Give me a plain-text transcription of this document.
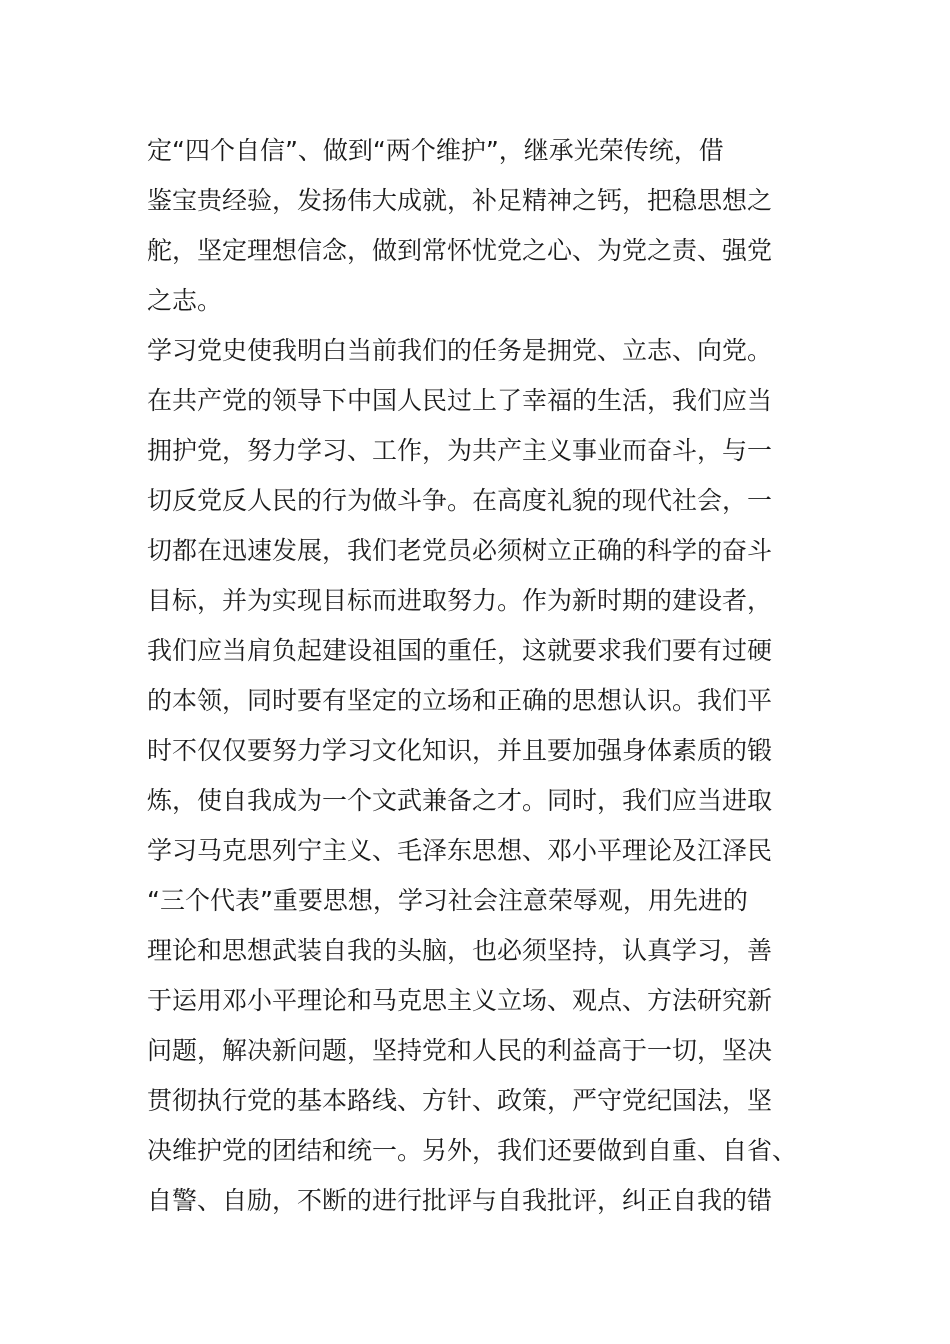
定“四个自信”、做到“两个维护”，继承光荣传统，借
鉴宝贵经验，发扬伟大成就，补足精神之钙，把稳思想之
舵，坚定理想信念，做到常怀忧党之心、为党之责、强党
之志。
学习党史使我明白当前我们的任务是拥党、立志、向党。
在共产党的领导下中国人民过上了幸福的生活，我们应当
拥护党，努力学习、工作，为共产主义事业而奋斗，与一
切反党反人民的行为做斗争。在高度礼貌的现代社会，一
切都在迅速发展，我们老党员必须树立正确的科学的奋斗
目标，并为实现目标而进取努力。作为新时期的建设者，
我们应当肩负起建设祖国的重任，这就要求我们要有过硬
的本领，同时要有坚定的立场和正确的思想认识。我们平
时不仅仅要努力学习文化知识，并且要加强身体素质的锻
炼，使自我成为一个文武兼备之才。同时，我们应当进取
学习马克思列宁主义、毛泽东思想、邓小平理论及江泽民
“三个代表”重要思想，学习社会注意荣辱观，用先进的
理论和思想武装自我的头脑，也必须坚持，认真学习，善
于运用邓小平理论和马克思主义立场、观点、方法研究新
问题，解决新问题，坚持党和人民的利益高于一切，坚决
贯彻执行党的基本路线、方针、政策，严守党纪国法，坚
决维护党的团结和统一。另外，我们还要做到自重、自省、
自警、自励，不断的进行批评与自我批评，纠正自我的错
